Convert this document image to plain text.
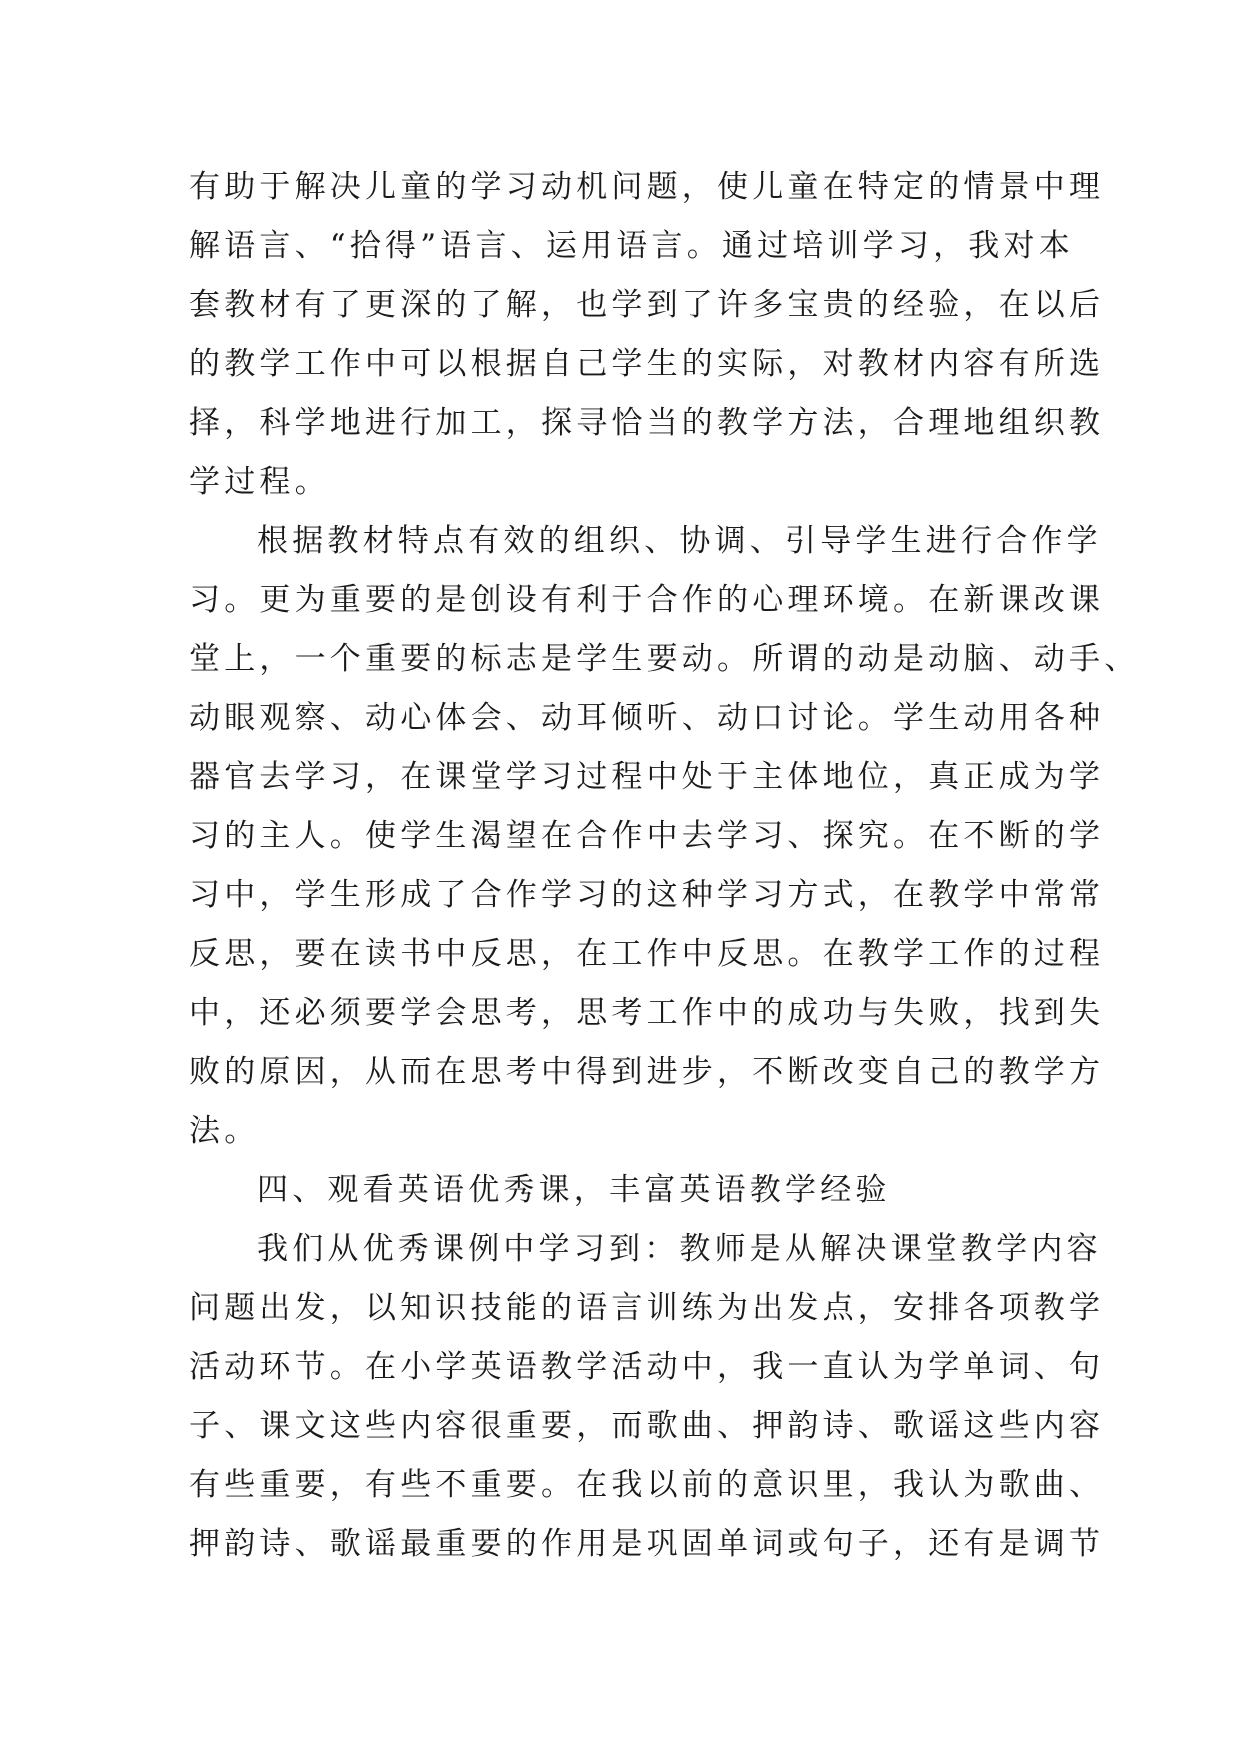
有助于解决儿童的学习动机问题，使儿童在特定的情景中理
解语言、“拾得”语言、运用语言。通过培训学习，我对本
套教材有了更深的了解，也学到了许多宝贵的经验，在以后
的教学工作中可以根据自己学生的实际，对教材内容有所选
择，科学地进行加工，探寻恰当的教学方法，合理地组织教
学过程。
根据教材特点有效的组织、协调、引导学生进行合作学
习。更为重要的是创设有利于合作的心理环境。在新课改课
堂上，一个重要的标志是学生要动。所谓的动是动脑、动手、
动眼观察、动心体会、动耳倾听、动口讨论。学生动用各种
器官去学习，在课堂学习过程中处于主体地位，真正成为学
习的主人。使学生渴望在合作中去学习、探究。在不断的学
习中，学生形成了合作学习的这种学习方式，在教学中常常
反思，要在读书中反思，在工作中反思。在教学工作的过程
中，还必须要学会思考，思考工作中的成功与失败，找到失
败的原因，从而在思考中得到进步，不断改变自己的教学方
法。
四、观看英语优秀课，丰富英语教学经验
我们从优秀课例中学习到：教师是从解决课堂教学内容
问题出发，以知识技能的语言训练为出发点，安排各项教学
活动环节。在小学英语教学活动中，我一直认为学单词、句
子、课文这些内容很重要，而歌曲、押韵诗、歌谣这些内容
有些重要，有些不重要。在我以前的意识里，我认为歌曲、
押韵诗、歌谣最重要的作用是巩固单词或句子，还有是调节
